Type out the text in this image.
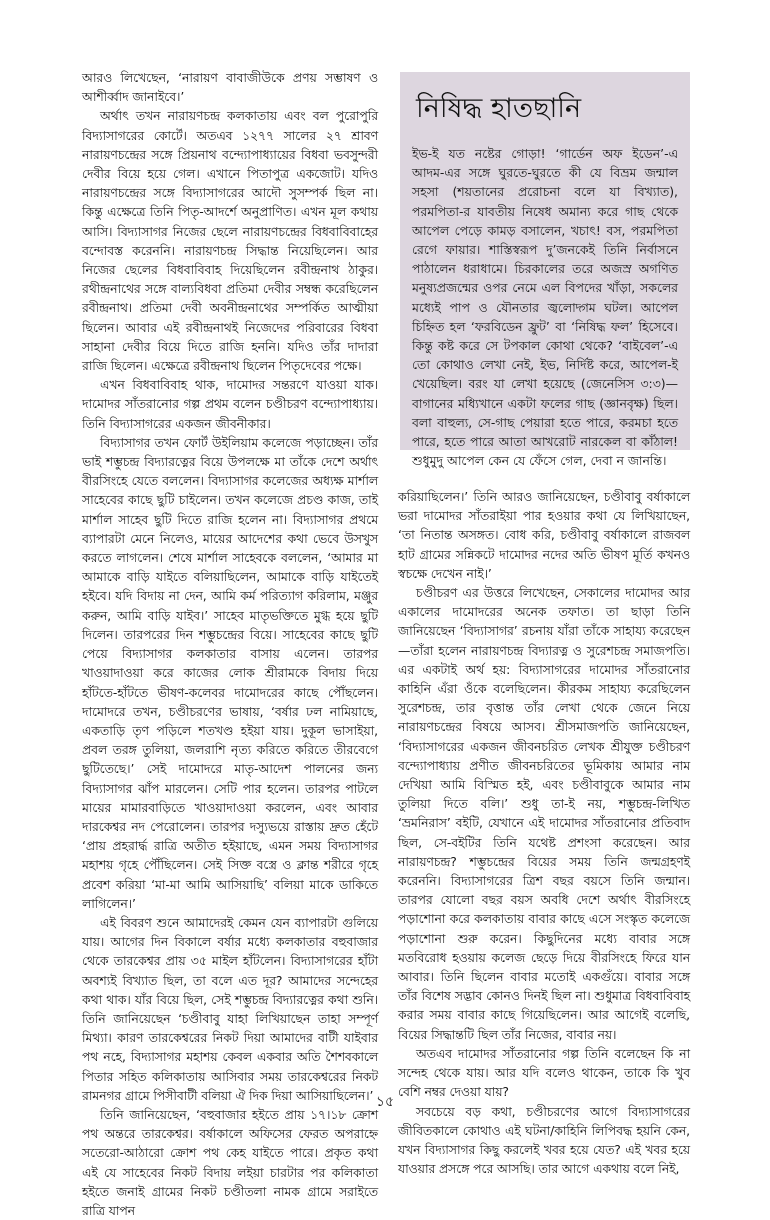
আরও লিখেছেন, ‘নারায়ণ বাবাজীউকে প্রণয় সম্ভাষণ ও আশীর্ব্বাদ জানাইবে।’

অর্থাৎ তখন নারায়ণচন্দ্র কলকাতায় এবং বল পুরোপুরি বিদ্যাসাগরের কোর্টে। অতএব ১২৭৭ সালের ২৭ শ্রাবণ নারায়ণচন্দ্রের সঙ্গে প্রিয়নাথ বন্দ্যোপাধ্যায়ের বিধবা ভবসুন্দরী দেবীর বিয়ে হয়ে গেল। এখানে পিতাপুত্র একজোট। যদিও নারায়ণচন্দ্রের সঙ্গে বিদ্যাসাগরের আদৌ সুসম্পর্ক ছিল না। কিন্তু এক্ষেত্রে তিনি পিতৃ-আদর্শে অনুপ্রাণিত। এখন মূল কথায় আসি। বিদ্যাসাগর নিজের ছেলে নারায়ণচন্দ্রের বিধবাবিবাহের বন্দোবস্ত করেননি। নারায়ণচন্দ্র সিদ্ধান্ত নিয়েছিলেন। আর নিজের ছেলের বিধবাবিবাহ দিয়েছিলেন রবীন্দ্রনাথ ঠাকুর। রথীন্দ্রনাথের সঙ্গে বাল্যবিধবা প্রতিমা দেবীর সম্বন্ধ করেছিলেন রবীন্দ্রনাথ। প্রতিমা দেবী অবনীন্দ্রনাথের সম্পর্কিত আত্মীয়া ছিলেন। আবার এই রবীন্দ্রনাথই নিজেদের পরিবারের বিধবা সাহানা দেবীর বিয়ে দিতে রাজি হননি। যদিও তাঁর দাদারা রাজি ছিলেন। এক্ষেত্রে রবীন্দ্রনাথ ছিলেন পিতৃদেবের পক্ষে।

এখন বিধবাবিবাহ থাক, দামোদর সন্তরণে যাওয়া যাক। দামোদর সাঁতরানোর গল্প প্রথম বলেন চণ্ডীচরণ বন্দ্যোপাধ্যায়। তিনি বিদ্যাসাগরের একজন জীবনীকার।

বিদ্যাসাগর তখন ফোর্ট উইলিয়াম কলেজে পড়াচ্ছেন। তাঁর ভাই শম্ভুচন্দ্র বিদ্যারত্নের বিয়ে উপলক্ষে মা তাঁকে দেশে অর্থাৎ বীরসিংহে যেতে বললেন। বিদ্যাসাগর কলেজের অধ্যক্ষ মার্শাল সাহেবের কাছে ছুটি চাইলেন। তখন কলেজে প্রচণ্ড কাজ, তাই মার্শাল সাহেব ছুটি দিতে রাজি হলেন না। বিদ্যাসাগর প্রথমে ব্যাপারটা মেনে নিলেও, মায়ের আদেশের কথা ভেবে উসখুস করতে লাগলেন। শেষে মার্শাল সাহেবকে বললেন, ‘আমার মা আমাকে বাড়ি যাইতে বলিয়াছিলেন, আমাকে বাড়ি যাইতেই হইবে। যদি বিদায় না দেন, আমি কর্ম পরিত্যাগ করিলাম, মঞ্জুর করুন, আমি বাড়ি যাইব।’ সাহেব মাতৃভক্তিতে মুগ্ধ হয়ে ছুটি দিলেন। তারপরের দিন শম্ভুচন্দ্রের বিয়ে। সাহেবের কাছে ছুটি পেয়ে বিদ্যাসাগর কলকাতার বাসায় এলেন। তারপর খাওয়াদাওয়া করে কাজের লোক শ্রীরামকে বিদায় দিয়ে হাঁটতে-হাঁটতে ভীষণ-কলেবর দামোদরের কাছে পৌঁছলেন। দামোদরে তখন, চণ্ডীচরণের ভাষায়, ‘বর্ষার ঢল নামিয়াছে, একতাড়ি তৃণ পড়িলে শতখণ্ড হইয়া যায়। দুকূল ভাসাইয়া, প্রবল তরঙ্গ তুলিয়া, জলরাশি নৃত্য করিতে করিতে তীরবেগে ছুটিতেছে।’ সেই দামোদরে মাতৃ-আদেশ পালনের জন্য বিদ্যাসাগর ঝাঁপ মারলেন। সেটি পার হলেন। তারপর পাটলে মায়ের মামারবাড়িতে খাওয়াদাওয়া করলেন, এবং আবার দারকেশ্বর নদ পেরোলেন। তারপর দস্যুভয়ে রাস্তায় দ্রুত হেঁটে ‘প্রায় প্রহরার্দ্ধ রাত্রি অতীত হইয়াছে, এমন সময় বিদ্যাসাগর মহাশয় গৃহে পৌঁছিলেন। সেই সিক্ত বস্ত্রে ও ক্লান্ত শরীরে গৃহে প্রবেশ করিয়া ‘মা-মা আমি আসিয়াছি’ বলিয়া মাকে ডাকিতে লাগিলেন।’

এই বিবরণ শুনে আমাদেরই কেমন যেন ব্যাপারটা গুলিয়ে যায়। আগের দিন বিকালে বর্ষার মধ্যে কলকাতার বহুবাজার থেকে তারকেশ্বর প্রায় ৩৫ মাইল হাঁটলেন। বিদ্যাসাগরের হাঁটা অবশ্যই বিখ্যাত ছিল, তা বলে এত দূর? আমাদের সন্দেহের কথা থাক। যাঁর বিয়ে ছিল, সেই শম্ভুচন্দ্র বিদ্যারত্নের কথা শুনি। তিনি জানিয়েছেন ‘চণ্ডীবাবু যাহা লিখিয়াছেন তাহা সম্পূর্ণ মিথ্যা। কারণ তারকেশ্বরের নিকট দিয়া আমাদের বাটী যাইবার পথ নহে, বিদ্যাসাগর মহাশয় কেবল একবার অতি শৈশবকালে পিতার সহিত কলিকাতায় আসিবার সময় তারকেশ্বরের নিকট রামনগর গ্রামে পিসীবাটী বলিয়া ঐ দিক দিয়া আসিয়াছিলেন।’

তিনি জানিয়েছেন, ‘বহুবাজার হইতে প্রায় ১৭।১৮ ক্রোশ পথ অন্তরে তারকেশ্বর। বর্ষাকালে অফিসের ফেরত অপরাহ্নে সতেরো-আঠারো ক্রোশ পথ কেহ যাইতে পারে। প্রকৃত কথা এই যে সাহেবের নিকট বিদায় লইয়া চারটার পর কলিকাতা হইতে জনাই গ্রামের নিকট চণ্ডীতলা নামক গ্রামে সরাইতে রাত্রি যাপন

নিষিদ্ধ হাতছানি

ইভ-ই যত নষ্টের গোড়া! ‘গার্ডেন অফ ইডেন’-এ আদম-এর সঙ্গে ঘুরতে-ঘুরতে কী যে বিভ্রম জন্মাল সহসা (শয়তানের প্ররোচনা বলে যা বিখ্যাত), পরমপিতা-র যাবতীয় নিষেধ অমান্য করে গাছ থেকে আপেল পেড়ে কামড় বসালেন, খচাৎ! বস, পরমপিতা রেগে ফায়ার। শাস্তিস্বরূপ দু’জনকেই তিনি নির্বাসনে পাঠালেন ধরাধামে। চিরকালের তরে অজস্র অগণিত মনুষ্যপ্রজন্মের ওপর নেমে এল বিপদের খাঁড়া, সকলের মধ্যেই পাপ ও যৌনতার জ্বলোদ্গম ঘটল। আপেল চিহ্নিত হল ‘ফরবিডেন ফ্রুট’ বা ‘নিষিদ্ধ ফল’ হিসেবে। কিন্তু কষ্ট করে সে টপকাল কোথা থেকে? ‘বাইবেল’-এ তো কোথাও লেখা নেই, ইভ, নির্দিষ্ট করে, আপেল-ই খেয়েছিল। বরং যা লেখা হয়েছে (জেনেসিস ৩:৩)—বাগানের মধ্যিখানে একটা ফলের গাছ (জ্ঞানবৃক্ষ) ছিল। বলা বাহুল্য, সে-গাছ পেয়ারা হতে পারে, করমচা হতে পারে, হতে পারে আতা আখরোট নারকেল বা কাঁঠাল! শুধুমুদু আপেল কেন যে ফেঁসে গেল, দেবা ন জানন্তি।

করিয়াছিলেন।’ তিনি আরও জানিয়েছেন, চণ্ডীবাবু বর্ষাকালে ভরা দামোদর সাঁতরাইয়া পার হওয়ার কথা যে লিখিয়াছেন, ‘তা নিতান্ত অসঙ্গত। বোধ করি, চণ্ডীবাবু বর্ষাকালে রাজবল হাট গ্রামের সন্নিকটে দামোদর নদের অতি ভীষণ মূর্তি কখনও স্বচক্ষে দেখেন নাই।’

চণ্ডীচরণ এর উত্তরে লিখেছেন, সেকালের দামোদর আর একালের দামোদরের অনেক তফাত। তা ছাড়া তিনি জানিয়েছেন ‘বিদ্যাসাগর’ রচনায় যাঁরা তাঁকে সাহায্য করেছেন—তাঁরা হলেন নারায়ণচন্দ্র বিদ্যারত্ন ও সুরেশচন্দ্র সমাজপতি। এর একটাই অর্থ হয়: বিদ্যাসাগরের দামোদর সাঁতরানোর কাহিনি এঁরা ওঁকে বলেছিলেন। কীরকম সাহায্য করেছিলেন সুরেশচন্দ্র, তার বৃত্তান্ত তাঁর লেখা থেকে জেনে নিয়ে নারায়ণচন্দ্রের বিষয়ে আসব। শ্রীসমাজপতি জানিয়েছেন, ‘বিদ্যাসাগরের একজন জীবনচরিত লেখক শ্রীযুক্ত চণ্ডীচরণ বন্দ্যোপাধ্যায় প্রণীত জীবনচরিতের ভূমিকায় আমার নাম দেখিয়া আমি বিস্মিত হই, এবং চণ্ডীবাবুকে আমার নাম তুলিয়া দিতে বলি।’ শুধু তা-ই নয়, শম্ভুচন্দ্র-লিখিত ‘ভ্রমনিরাস’ বইটি, যেখানে এই দামোদর সাঁতরানোর প্রতিবাদ ছিল, সে-বইটির তিনি যথেষ্ট প্রশংসা করেছেন। আর নারায়ণচন্দ্র? শম্ভুচন্দ্রের বিয়ের সময় তিনি জন্মগ্রহণই করেননি। বিদ্যাসাগরের ত্রিশ বছর বয়সে তিনি জন্মান। তারপর যোলো বছর বয়স অবধি দেশে অর্থাৎ বীরসিংহে পড়াশোনা করে কলকাতায় বাবার কাছে এসে সংস্কৃত কলেজে পড়াশোনা শুরু করেন। কিছুদিনের মধ্যে বাবার সঙ্গে মতবিরোধ হওয়ায় কলেজ ছেড়ে দিয়ে বীরসিংহে ফিরে যান আবার। তিনি ছিলেন বাবার মতোই একগুঁয়ে। বাবার সঙ্গে তাঁর বিশেষ সদ্ভাব কোনও দিনই ছিল না। শুধুমাত্র বিধবাবিবাহ করার সময় বাবার কাছে গিয়েছিলেন। আর আগেই বলেছি, বিয়ের সিদ্ধান্তটি ছিল তাঁর নিজের, বাবার নয়।

অতএব দামোদর সাঁতরানোর গল্প তিনি বলেছেন কি না সন্দেহ থেকে যায়। আর যদি বলেও থাকেন, তাকে কি খুব বেশি নম্বর দেওয়া যায়?

সবচেয়ে বড় কথা, চণ্ডীচরণের আগে বিদ্যাসাগরের জীবিতকালে কোথাও এই ঘটনা/কাহিনি লিপিবদ্ধ হয়নি কেন, যখন বিদ্যাসাগর কিছু করলেই খবর হয়ে যেত? এই খবর হয়ে যাওয়ার প্রসঙ্গে পরে আসছি। তার আগে একথায় বলে নিই,

১৫
